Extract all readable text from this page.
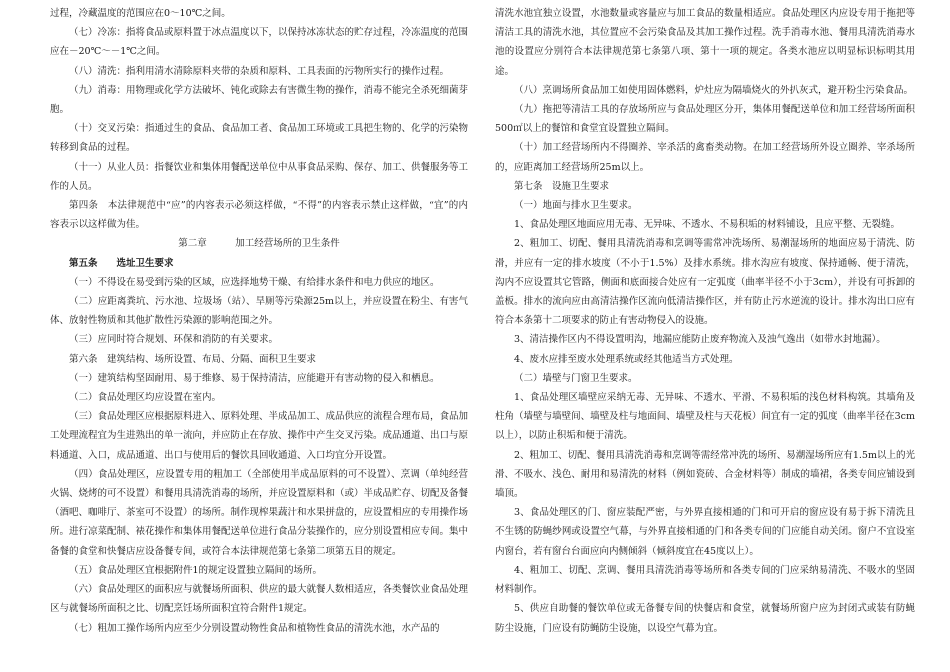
过程，冷藏温度的范围应在0～10℃之间。

（七）冷冻：指将食品或原料置于冰点温度以下，以保持冰冻状态的贮存过程，冷冻温度的范围应在－20℃～－1℃之间。

（八）清洗：指利用清水清除原料夹带的杂质和原料、工具表面的污物所实行的操作过程。

（九）消毒：用物理或化学方法破坏、钝化或除去有害微生物的操作，消毒不能完全杀死细菌芽胞。

（十）交叉污染：指通过生的食品、食品加工者、食品加工环境或工具把生物的、化学的污染物转移到食品的过程。

（十一）从业人员：指餐饮业和集体用餐配送单位中从事食品采购、保存、加工、供餐服务等工作的人员。

第四条　本法律规范中“应”的内容表示必须这样做，“不得”的内容表示禁止这样做，“宜”的内容表示以这样做为佳。

第二章　　　加工经营场所的卫生条件

第五条　　选址卫生要求

（一）不得设在易受到污染的区域，应选择地势干燥、有给排水条件和电力供应的地区。

（二）应距离粪坑、污水池、垃圾场（站）、旱厕等污染源25m以上，并应设置在粉尘、有害气体、放射性物质和其他扩散性污染源的影响范围之外。

（三）应同时符合规划、环保和消防的有关要求。

第六条　建筑结构、场所设置、布局、分隔、面积卫生要求

（一）建筑结构坚固耐用、易于维修、易于保持清洁，应能避开有害动物的侵入和栖息。

（二）食品处理区均应设置在室内。

（三）食品处理区应根据原料进入、原料处理、半成品加工、成品供应的流程合理布局，食品加工处理流程宜为生进熟出的单一流向，并应防止在存放、操作中产生交叉污染。成品通道、出口与原料通道、入口，成品通道、出口与使用后的餐饮具回收通道、入口均宜分开设置。

（四）食品处理区，应设置专用的粗加工（全部使用半成品原料的可不设置）、烹调（单纯经营火锅、烧烤的可不设置）和餐用具清洗消毒的场所，并应设置原料和（或）半成品贮存、切配及备餐（酒吧、咖啡厅、茶室可不设置）的场所。制作现榨果蔬汁和水果拼盘的，应设置相应的专用操作场所。进行凉菜配制、裱花操作和集体用餐配送单位进行食品分装操作的，应分别设置相应专间。集中备餐的食堂和快餐店应设备餐专间，或符合本法律规范第七条第二项第五目的规定。

（五）食品处理区宜根据附件1的规定设置独立隔间的场所。

（六）食品处理区的面积应与就餐场所面积、供应的最大就餐人数相适应，各类餐饮业食品处理区与就餐场所面积之比、切配烹饪场所面积宜符合附件1规定。

（七）粗加工操作场所内应至少分别设置动物性食品和植物性食品的清洗水池，水产品的

清洗水池宜独立设置，水池数量或容量应与加工食品的数量相适应。食品处理区内应设专用于拖把等清洁工具的清洗水池，其位置应不会污染食品及其加工操作过程。洗手消毒水池、餐用具清洗消毒水池的设置应分别符合本法律规范第七条第八项、第十一项的规定。各类水池应以明显标识标明其用途。

（八）烹调场所食品加工如使用固体燃料，炉灶应为隔墙烧火的外扒灰式，避开粉尘污染食品。

（九）拖把等清洁工具的存放场所应与食品处理区分开，集体用餐配送单位和加工经营场所面积500㎡以上的餐馆和食堂宜设置独立隔间。

（十）加工经营场所内不得圈养、宰杀活的禽畜类动物。在加工经营场所外设立圈养、宰杀场所的，应距离加工经营场所25m以上。

第七条　设施卫生要求

（一）地面与排水卫生要求。

1、食品处理区地面应用无毒、无异味、不透水、不易积垢的材料铺设，且应平整、无裂缝。

2、粗加工、切配、餐用具清洗消毒和烹调等需常冲洗场所、易潮湿场所的地面应易于清洗、防滑，并应有一定的排水坡度（不小于1.5%）及排水系统。排水沟应有坡度、保持通畅、便于清洗，沟内不应设置其它管路，侧面和底面接合处应有一定弧度（曲率半径不小于3cm），并设有可拆卸的盖板。排水的流向应由高清洁操作区流向低清洁操作区，并有防止污水逆流的设计。排水沟出口应有符合本条第十二项要求的防止有害动物侵入的设施。

3、清洁操作区内不得设置明沟，地漏应能防止废弃物流入及浊气逸出（如带水封地漏）。

4、废水应排至废水处理系统或经其他适当方式处理。

（二）墙壁与门窗卫生要求。

1、食品处理区墙壁应采纳无毒、无异味、不透水、平滑、不易积垢的浅色材料构筑。其墙角及柱角（墙壁与墙壁间、墙壁及柱与地面间、墙壁及柱与天花板）间宜有一定的弧度（曲率半径在3cm以上），以防止积垢和便于清洗。

2、粗加工、切配、餐用具清洗消毒和烹调等需经常冲洗的场所、易潮湿场所应有1.5m以上的光滑、不吸水、浅色、耐用和易清洗的材料（例如瓷砖、合金材料等）制成的墙裙，各类专间应铺设到墙顶。

3、食品处理区的门、窗应装配严密，与外界直接相通的门和可开启的窗应设有易于拆下清洗且不生锈的防蝇纱网或设置空气幕，与外界直接相通的门和各类专间的门应能自动关闭。窗户不宜设室内窗台，若有窗台台面应向内侧倾斜（倾斜度宜在45度以上）。

4、粗加工、切配、烹调、餐用具清洗消毒等场所和各类专间的门应采纳易清洗、不吸水的坚固材料制作。

5、供应自助餐的餐饮单位或无备餐专间的快餐店和食堂，就餐场所窗户应为封闭式或装有防蝇防尘设施，门应设有防蝇防尘设施，以设空气幕为宜。
